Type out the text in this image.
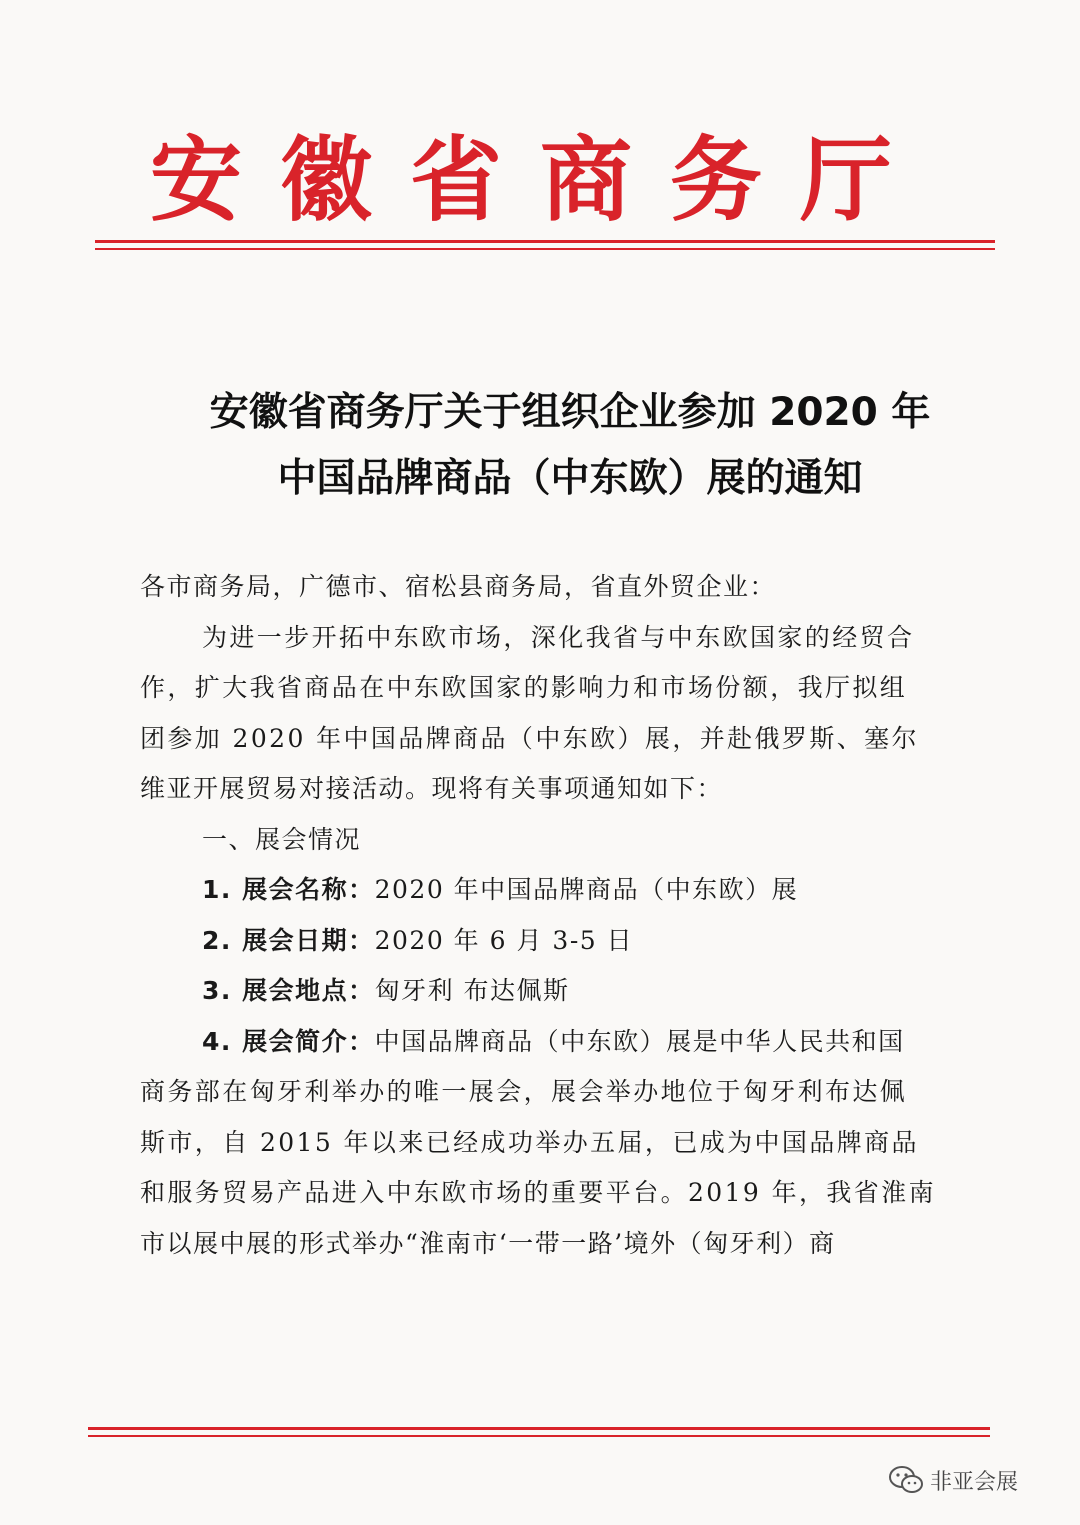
安徽省商务厅
安徽省商务厅关于组织企业参加 2020 年
中国品牌商品（中东欧）展的通知

各市商务局，广德市、宿松县商务局，省直外贸企业：

为进一步开拓中东欧市场，深化我省与中东欧国家的经贸合

作，扩大我省商品在中东欧国家的影响力和市场份额，我厅拟组

团参加 2020 年中国品牌商品（中东欧）展，并赴俄罗斯、塞尔

维亚开展贸易对接活动。现将有关事项通知如下：

一、展会情况

1. 展会名称：2020 年中国品牌商品（中东欧）展

2. 展会日期：2020 年 6 月 3-5 日

3. 展会地点：匈牙利 布达佩斯

4. 展会简介：中国品牌商品（中东欧）展是中华人民共和国

商务部在匈牙利举办的唯一展会，展会举办地位于匈牙利布达佩

斯市，自 2015 年以来已经成功举办五届，已成为中国品牌商品

和服务贸易产品进入中东欧市场的重要平台。2019 年，我省淮南

市以展中展的形式举办“淮南市‘一带一路’境外（匈牙利）商

非亚会展
